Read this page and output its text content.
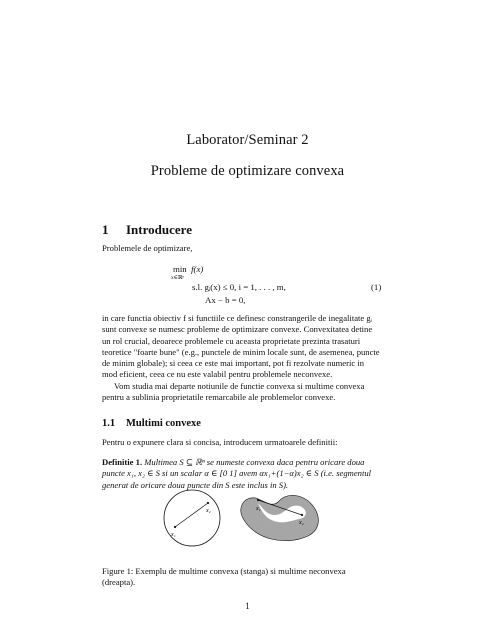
Laborator/Seminar 2
Probleme de optimizare convexa
1 Introducere
Problemele de optimizare,
min f(x)
x∈ℝⁿ
s.l. gᵢ(x) ≤ 0, i = 1, . . . , m,	(1)
Ax − b = 0,
in care functia obiectiv f si functiile ce definesc constrangerile de inegalitate gᵢ
sunt convexe se numesc probleme de optimizare convexe. Convexitatea detine
un rol crucial, deoarece problemele cu aceasta proprietate prezinta trasaturi
teoretice "foarte bune" (e.g., punctele de minim locale sunt, de asemenea, puncte
de minim globale); si ceea ce este mai important, pot fi rezolvate numeric in
mod eficient, ceea ce nu este valabil pentru problemele neconvexe.
Vom studia mai departe notiunile de functie convexa si multime convexa
pentru a sublinia proprietatile remarcabile ale problemelor convexe.
1.1 Multimi convexe
Pentru o expunere clara si concisa, introducem urmatoarele definitii:
Definitie 1. Multimea S ⊆ ℝⁿ se numeste convexa daca pentru oricare doua
puncte x₁, x₂ ∈ S si un scalar α ∈ [0 1] avem αx₁+(1−α)x₂ ∈ S (i.e. segmentul
generat de oricare doua puncte din S este inclus in S).
x₁
x₂	x₁
x₂
Figure 1: Exemplu de multime convexa (stanga) si multime neconvexa
(dreapta).
1
